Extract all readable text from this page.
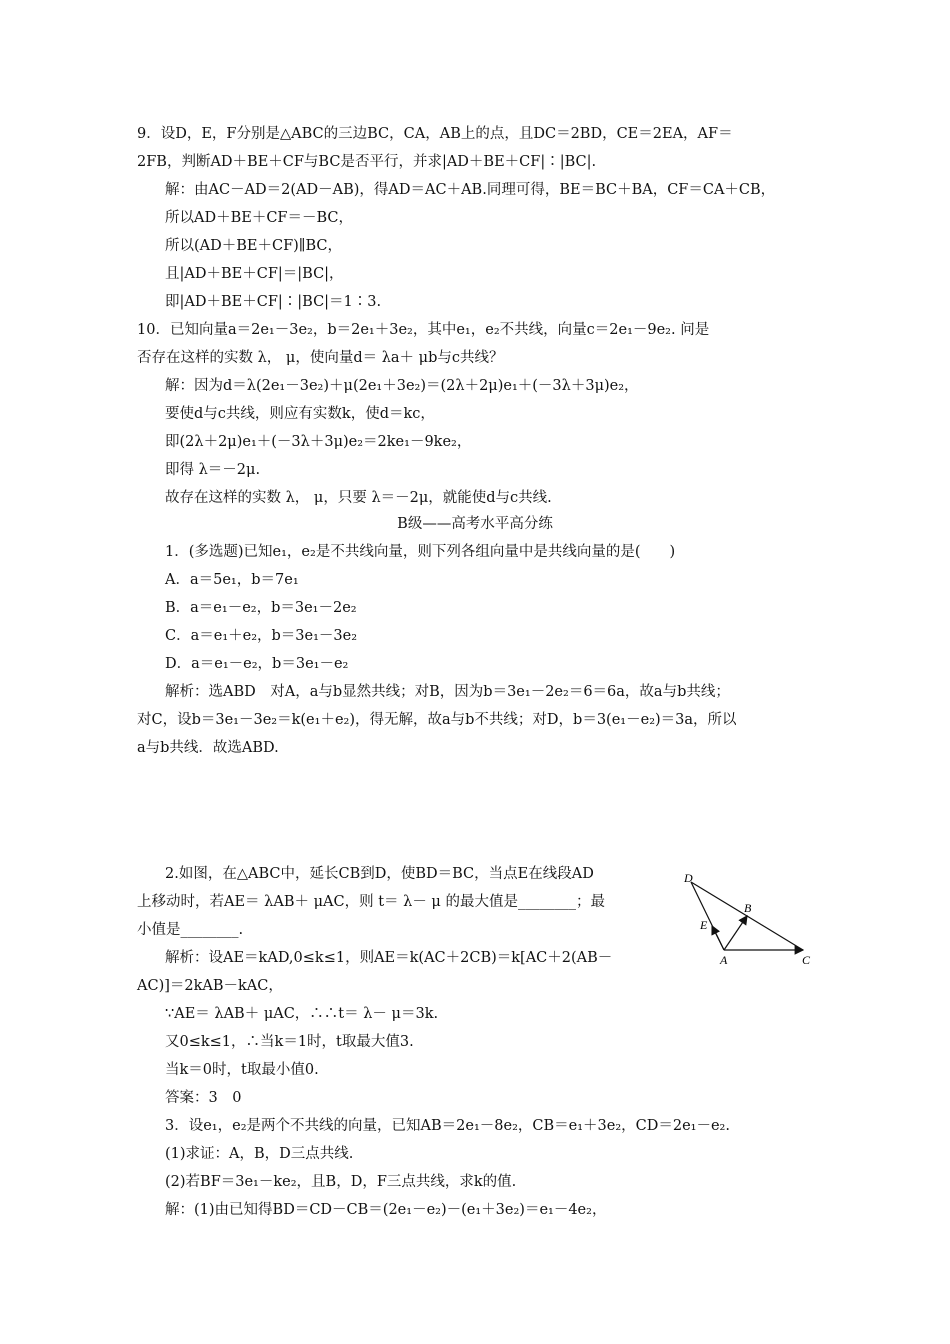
9．设D，E，F分别是△ABC的三边BC，CA，AB上的点，且DC＝2BD，CE＝2EA，AF＝
2FB，判断AD＋BE＋CF与BC是否平行，并求|AD＋BE＋CF|∶|BC|.
解：由AC－AD＝2(AD－AB)，得AD＝AC＋AB.同理可得，BE＝BC＋BA，CF＝CA＋CB，
所以AD＋BE＋CF＝－BC，
所以(AD＋BE＋CF)∥BC，
且|AD＋BE＋CF|＝|BC|，
即|AD＋BE＋CF|∶|BC|＝1∶3.
10．已知向量a＝2e₁－3e₂，b＝2e₁＋3e₂，其中e₁，e₂不共线，向量c＝2e₁－9e₂. 问是
否存在这样的实数 λ， μ，使向量d＝ λa＋ μb与c共线？
解：因为d＝λ(2e₁－3e₂)＋μ(2e₁＋3e₂)＝(2λ＋2μ)e₁＋(－3λ＋3μ)e₂，
要使d与c共线，则应有实数k，使d＝kc，
即(2λ＋2μ)e₁＋(－3λ＋3μ)e₂＝2ke₁－9ke₂，
即得 λ＝－2μ.
故存在这样的实数 λ， μ，只要 λ＝－2μ，就能使d与c共线.
B级——高考水平高分练
1．(多选题)已知e₁，e₂是不共线向量，则下列各组向量中是共线向量的是(　　)
A．a＝5e₁，b＝7e₁
B．a＝e₁－e₂，b＝3e₁－2e₂
C．a＝e₁＋e₂，b＝3e₁－3e₂
D．a＝e₁－e₂，b＝3e₁－e₂
解析：选ABD　对A，a与b显然共线；对B，因为b＝3e₁－2e₂＝6＝6a，故a与b共线；
对C，设b＝3e₁－3e₂＝k(e₁＋e₂)，得无解，故a与b不共线；对D，b＝3(e₁－e₂)＝3a，所以
a与b共线．故选ABD.
2.如图，在△ABC中，延长CB到D，使BD＝BC，当点E在线段AD
上移动时，若AE＝ λAB＋ μAC，则 t＝ λ－ μ 的最大值是________；最
小值是________.
解析：设AE＝kAD,0≤k≤1，则AE＝k(AC＋2CB)＝k[AC＋2(AB－
AC)]＝2kAB－kAC，
∵AE＝ λAB＋ μAC，∴∴t＝ λ－ μ＝3k.
又0≤k≤1，∴当k＝1时，t取最大值3.
当k＝0时，t取最小值0.
答案：3　0
3．设e₁，e₂是两个不共线的向量，已知AB＝2e₁－8e₂，CB＝e₁＋3e₂，CD＝2e₁－e₂.
(1)求证：A，B，D三点共线.
(2)若BF＝3e₁－ke₂，且B，D，F三点共线，求k的值.
解：(1)由已知得BD＝CD－CB＝(2e₁－e₂)－(e₁＋3e₂)＝e₁－4e₂，
D
E
B
A	C
